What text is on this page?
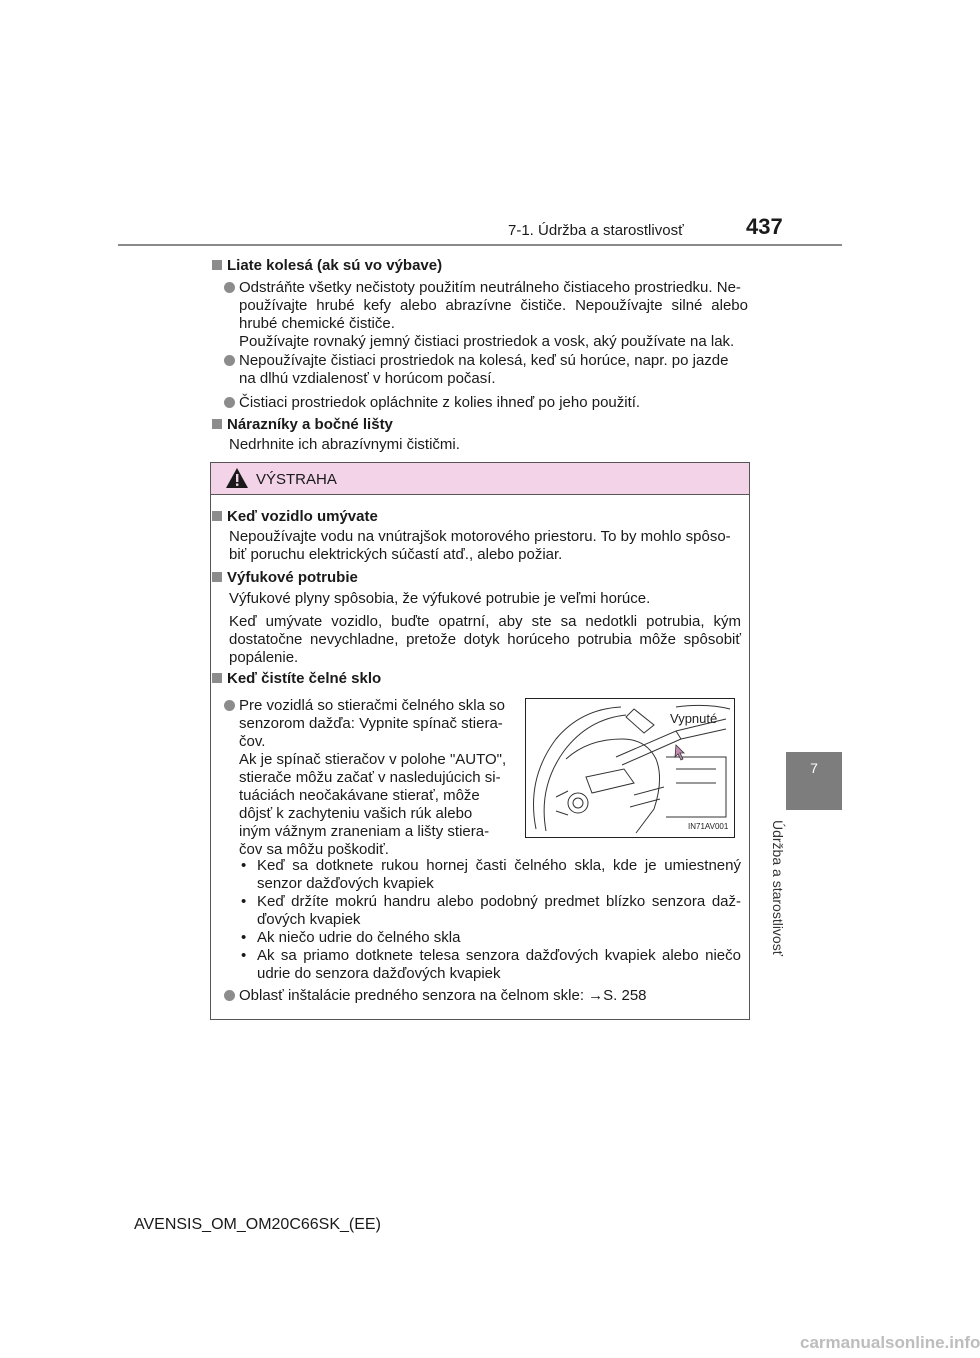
7-1. Údržba a starostlivosť	437
7
Údržba a starostlivosť
Liate kolesá (ak sú vo výbave)
Odstráňte všetky nečistoty použitím neutrálneho čistiaceho prostriedku. Ne-
používajte hrubé kefy alebo abrazívne čističe. Nepoužívajte silné alebo
hrubé chemické čističe.
Používajte rovnaký jemný čistiaci prostriedok a vosk, aký používate na lak.
Nepoužívajte čistiaci prostriedok na kolesá, keď sú horúce, napr. po jazde
na dlhú vzdialenosť v horúcom počasí.
Čistiaci prostriedok opláchnite z kolies ihneď po jeho použití.
Nárazníky a bočné lišty
Nedrhnite ich abrazívnymi čističmi.
VÝSTRAHA
Keď vozidlo umývate
Nepoužívajte vodu na vnútrajšok motorového priestoru. To by mohlo spôso-
biť poruchu elektrických súčastí atď., alebo požiar.
Výfukové potrubie
Výfukové plyny spôsobia, že výfukové potrubie je veľmi horúce.
Keď umývate vozidlo, buďte opatrní, aby ste sa nedotkli potrubia, kým
dostatočne nevychladne, pretože dotyk horúceho potrubia môže spôsobiť
popálenie.
Keď čistíte čelné sklo
Pre vozidlá so stieračmi čelného skla so
senzorom dažďa: Vypnite spínač stiera-
čov.
Ak je spínač stieračov v polohe "AUTO",
stierače môžu začať v nasledujúcich si-
tuáciách neočakávane stierať, môže
dôjsť k zachyteniu vašich rúk alebo
iným vážnym zraneniam a lišty stiera-
čov sa môžu poškodiť.
Vypnuté
IN71AV001
• Keď sa dotknete rukou hornej časti čelného skla, kde je umiestnený
senzor dažďových kvapiek
• Keď držíte mokrú handru alebo podobný predmet blízko senzora daž-
ďových kvapiek
• Ak niečo udrie do čelného skla
• Ak sa priamo dotknete telesa senzora dažďových kvapiek alebo niečo
udrie do senzora dažďových kvapiek
Oblasť inštalácie predného senzora na čelnom skle: →S. 258
AVENSIS_OM_OM20C66SK_(EE)
carmanualsonline.info
